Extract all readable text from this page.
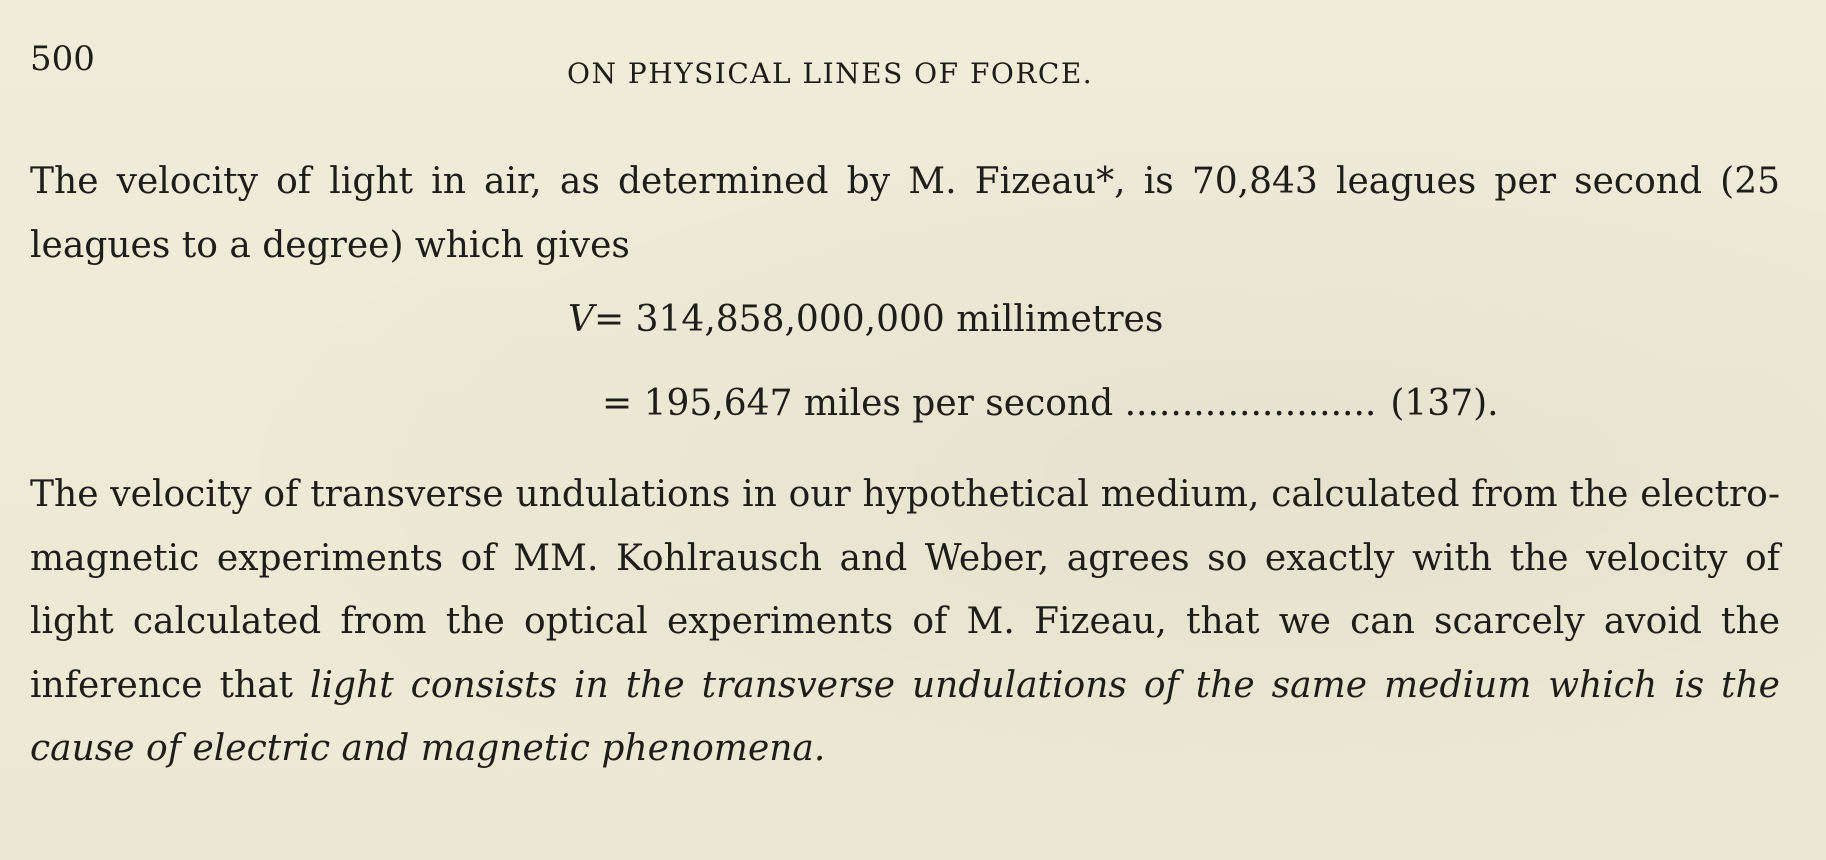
500	ON PHYSICAL LINES OF FORCE.

The velocity of light in air, as determined by M. Fizeau*, is 70,843 leagues per second (25 leagues to a degree) which gives

V= 314,858,000,000 millimetres
= 195,647 miles per second ...................... (137).

The velocity of transverse undulations in our hypothetical medium, calculated from the electro-magnetic experiments of MM. Kohlrausch and Weber, agrees so exactly with the velocity of light calculated from the optical experiments of M. Fizeau, that we can scarcely avoid the inference that light consists in the transverse undulations of the same medium which is the cause of electric and magnetic phenomena.
